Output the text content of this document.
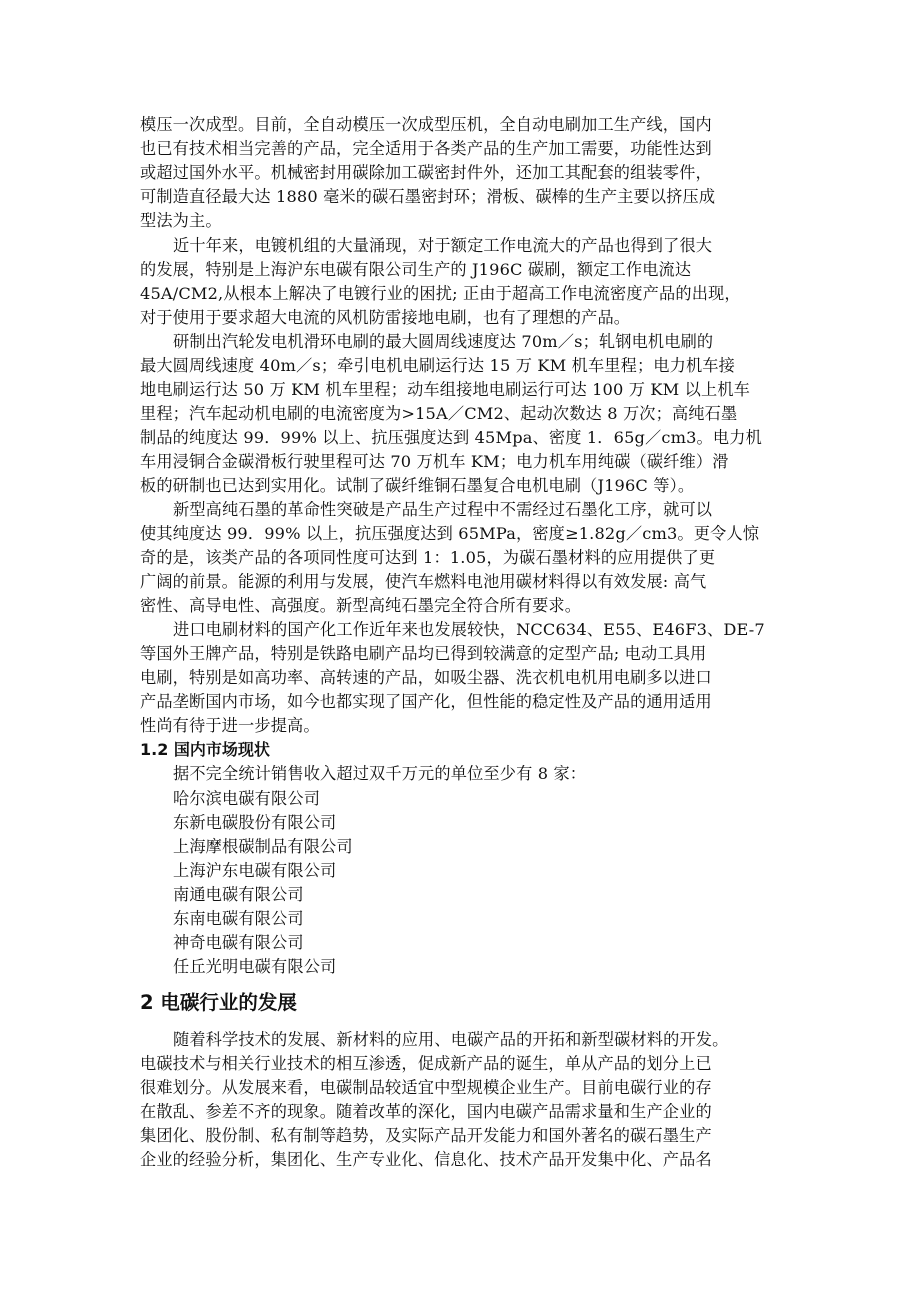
模压一次成型。目前，全自动模压一次成型压机，全自动电刷加工生产线，国内
也已有技术相当完善的产品，完全适用于各类产品的生产加工需要，功能性达到
或超过国外水平。机械密封用碳除加工碳密封件外，还加工其配套的组装零件，
可制造直径最大达 1880 毫米的碳石墨密封环；滑板、碳棒的生产主要以挤压成
型法为主。
近十年来，电镀机组的大量涌现，对于额定工作电流大的产品也得到了很大
的发展，特别是上海沪东电碳有限公司生产的 J196C 碳刷，额定工作电流达
45A/CM2,从根本上解决了电镀行业的困扰; 正由于超高工作电流密度产品的出现，
对于使用于要求超大电流的风机防雷接地电刷，也有了理想的产品。
研制出汽轮发电机滑环电刷的最大圆周线速度达 70m／s；轧钢电机电刷的
最大圆周线速度 40m／s；牵引电机电刷运行达 15 万 KM 机车里程；电力机车接
地电刷运行达 50 万 KM 机车里程；动车组接地电刷运行可达 100 万 KM 以上机车
里程；汽车起动机电刷的电流密度为>15A／CM2、起动次数达 8 万次；高纯石墨
制品的纯度达 99．99% 以上、抗压强度达到 45Mpa、密度 1．65g／cm3。电力机
车用浸铜合金碳滑板行驶里程可达 70 万机车 KM；电力机车用纯碳（碳纤维）滑
板的研制也已达到实用化。试制了碳纤维铜石墨复合电机电刷（J196C 等）。
新型高纯石墨的革命性突破是产品生产过程中不需经过石墨化工序，就可以
使其纯度达 99．99% 以上，抗压强度达到 65MPa，密度≥1.82g／cm3。更令人惊
奇的是，该类产品的各项同性度可达到 1：1.05，为碳石墨材料的应用提供了更
广阔的前景。能源的利用与发展，使汽车燃料电池用碳材料得以有效发展: 高气
密性、高导电性、高强度。新型高纯石墨完全符合所有要求。
进口电刷材料的国产化工作近年来也发展较快，NCC634、E55、E46F3、DE-7
等国外王牌产品，特别是铁路电刷产品均已得到较满意的定型产品; 电动工具用
电刷，特别是如高功率、高转速的产品，如吸尘器、洗衣机电机用电刷多以进口
产品垄断国内市场，如今也都实现了国产化，但性能的稳定性及产品的通用适用
性尚有待于进一步提高。
1.2 国内市场现状
据不完全统计销售收入超过双千万元的单位至少有 8 家：
哈尔滨电碳有限公司
东新电碳股份有限公司
上海摩根碳制品有限公司
上海沪东电碳有限公司
南通电碳有限公司
东南电碳有限公司
神奇电碳有限公司
任丘光明电碳有限公司
2 电碳行业的发展
随着科学技术的发展、新材料的应用、电碳产品的开拓和新型碳材料的开发。
电碳技术与相关行业技术的相互渗透，促成新产品的诞生，单从产品的划分上已
很难划分。从发展来看，电碳制品较适宜中型规模企业生产。目前电碳行业的存
在散乱、参差不齐的现象。随着改革的深化，国内电碳产品需求量和生产企业的
集团化、股份制、私有制等趋势，及实际产品开发能力和国外著名的碳石墨生产
企业的经验分析，集团化、生产专业化、信息化、技术产品开发集中化、产品名
